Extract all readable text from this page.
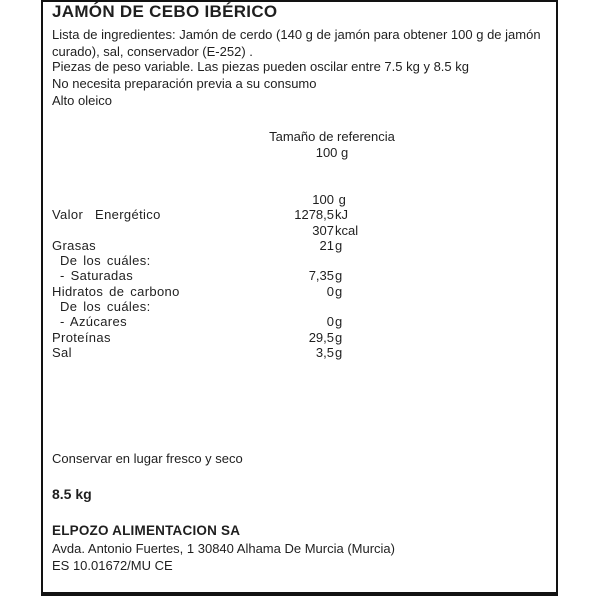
JAMÓN DE CEBO IBÉRICO
Lista de ingredientes: Jamón de cerdo (140 g de jamón para obtener 100 g de jamón curado), sal, conservador (E-252) .
Piezas de peso variable. Las piezas pueden oscilar entre 7.5 kg y 8.5 kg
No necesita preparación previa a su consumo
Alto oleico
Tamaño de referencia
100 g
100 g
Valor  Energético	1278,5 kJ
307 kcal
Grasas	21 g
De los cuáles:
- Saturadas	7,35 g
Hidratos de carbono	0 g
De los cuáles:
- Azúcares	0 g
Proteínas	29,5 g
Sal	3,5 g
Conservar en lugar fresco y seco
8.5 kg
ELPOZO ALIMENTACION SA
Avda. Antonio Fuertes, 1 30840 Alhama De Murcia (Murcia)
ES 10.01672/MU CE
